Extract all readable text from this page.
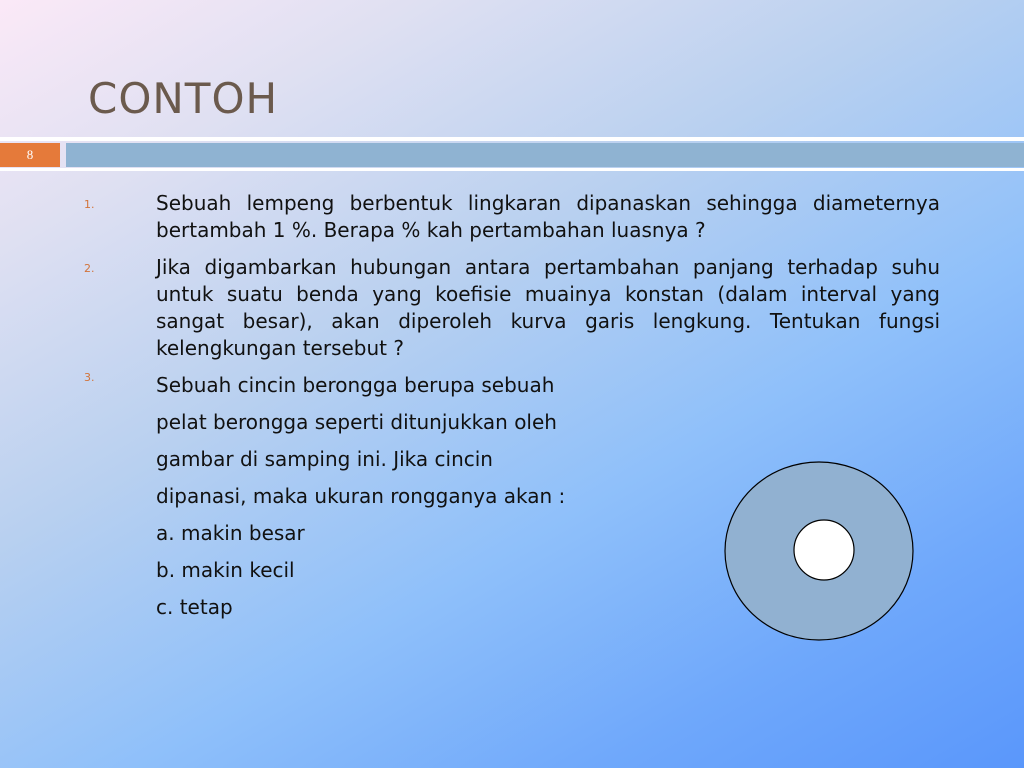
CONTOH
8
1.	Sebuah lempeng berbentuk lingkaran dipanaskan sehingga diameternya bertambah 1 %. Berapa % kah pertambahan luasnya ?
2.	Jika digambarkan hubungan antara pertambahan panjang terhadap suhu untuk suatu benda yang koefisie muainya konstan (dalam interval yang sangat besar), akan diperoleh kurva garis lengkung. Tentukan fungsi kelengkungan tersebut ?
3.	Sebuah cincin berongga berupa sebuah
pelat berongga seperti ditunjukkan oleh
gambar di samping ini. Jika cincin
dipanasi, maka ukuran rongganya akan :
a. makin besar
b. makin kecil
c. tetap
